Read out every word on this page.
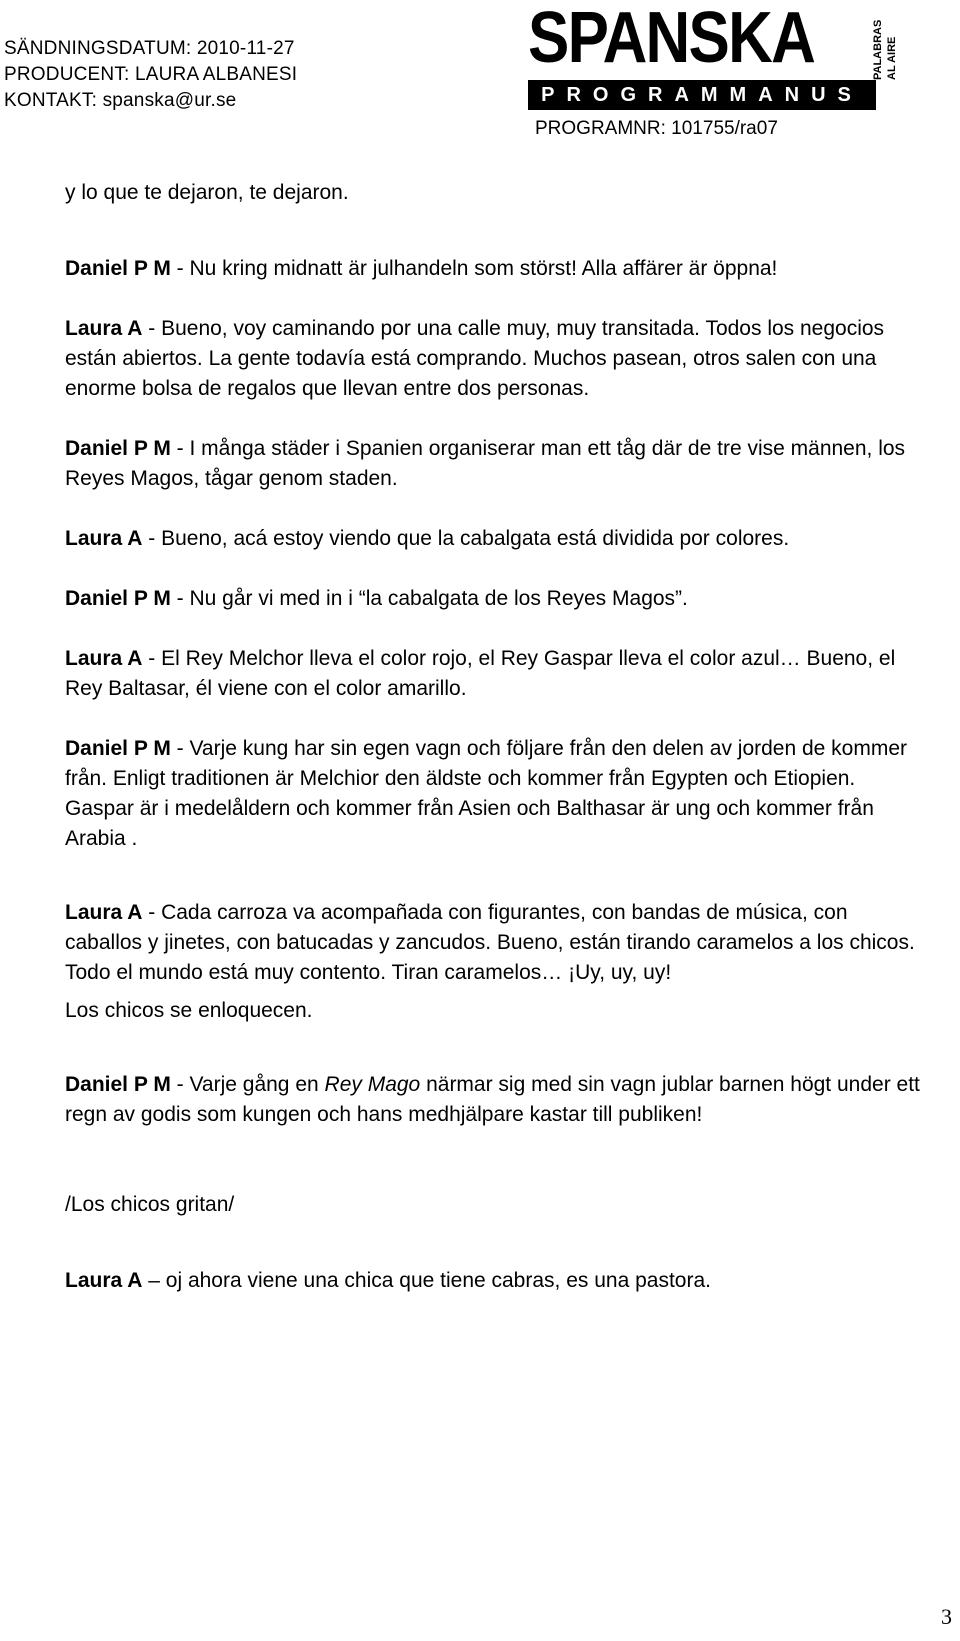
SÄNDNINGSDATUM: 2010-11-27
PRODUCENT: LAURA ALBANESI
KONTAKT: spanska@ur.se
SPANSKA	PALABRAS AL AIRE
PROGRAMMANUS
PROGRAMNR: 101755/ra07

y lo que te dejaron, te dejaron.

Daniel P M - Nu kring midnatt är julhandeln som störst! Alla affärer är öppna!

Laura A - Bueno, voy caminando por una calle muy, muy transitada. Todos los negocios están abiertos. La gente todavía está comprando. Muchos pasean, otros salen con una enorme bolsa de regalos que llevan entre dos personas.

Daniel P M - I många städer i Spanien organiserar man ett tåg där de tre vise männen, los Reyes Magos, tågar genom staden.

Laura A - Bueno, acá estoy viendo que la cabalgata está dividida por colores.

Daniel P M - Nu går vi med in i “la cabalgata de los Reyes Magos”.

Laura A - El Rey Melchor lleva el color rojo, el Rey Gaspar lleva el color azul… Bueno, el Rey Baltasar, él viene con el color amarillo.

Daniel P M - Varje kung har sin egen vagn och följare från den delen av jorden de kommer från. Enligt traditionen är Melchior den äldste och kommer från Egypten och Etiopien. Gaspar är i medelåldern och kommer från Asien och Balthasar är ung och kommer från Arabia .

Laura A - Cada carroza va acompañada con figurantes, con bandas de música, con caballos y jinetes, con batucadas y zancudos. Bueno, están tirando caramelos a los chicos. Todo el mundo está muy contento. Tiran caramelos… ¡Uy, uy, uy!

Los chicos se enloquecen.

Daniel P M - Varje gång en Rey Mago närmar sig med sin vagn jublar barnen högt under ett regn av godis som kungen och hans medhjälpare kastar till publiken!

/Los chicos gritan/

Laura A – oj ahora viene una chica que tiene cabras, es una pastora.

3
